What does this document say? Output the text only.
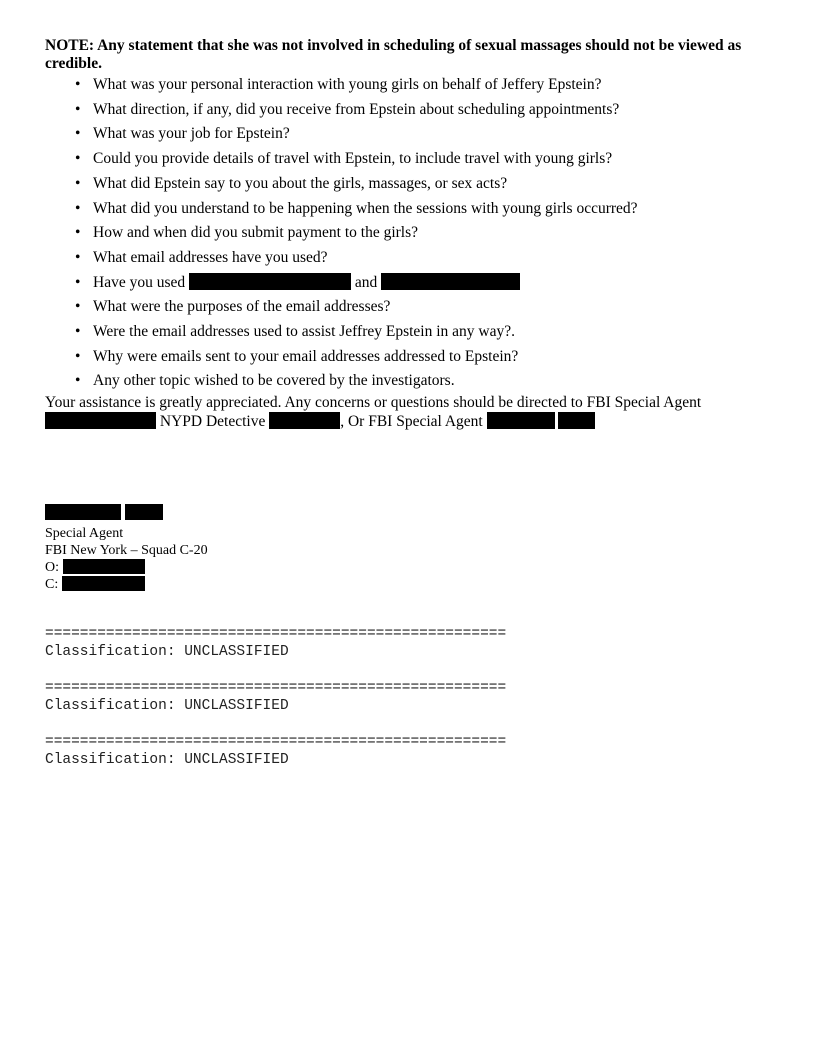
NOTE: Any statement that she was not involved in scheduling of sexual massages should not be viewed as credible.

• What was your personal interaction with young girls on behalf of Jeffery Epstein?
• What direction, if any, did you receive from Epstein about scheduling appointments?
• What was your job for Epstein?
• Could you provide details of travel with Epstein, to include travel with young girls?
• What did Epstein say to you about the girls, massages, or sex acts?
• What did you understand to be happening when the sessions with young girls occurred?
• How and when did you submit payment to the girls?
• What email addresses have you used?
• Have you used	and
• What were the purposes of the email addresses?
• Were the email addresses used to assist Jeffrey Epstein in any way?.
• Why were emails sent to your email addresses addressed to Epstein?
• Any other topic wished to be covered by the investigators.

Your assistance is greatly appreciated. Any concerns or questions should be directed to FBI Special Agent
NYPD Detective	, Or FBI Special Agent

Special Agent
FBI New York – Squad C-20
O:
C:
=====================================================
Classification: UNCLASSIFIED
=====================================================
Classification: UNCLASSIFIED
=====================================================
Classification: UNCLASSIFIED
